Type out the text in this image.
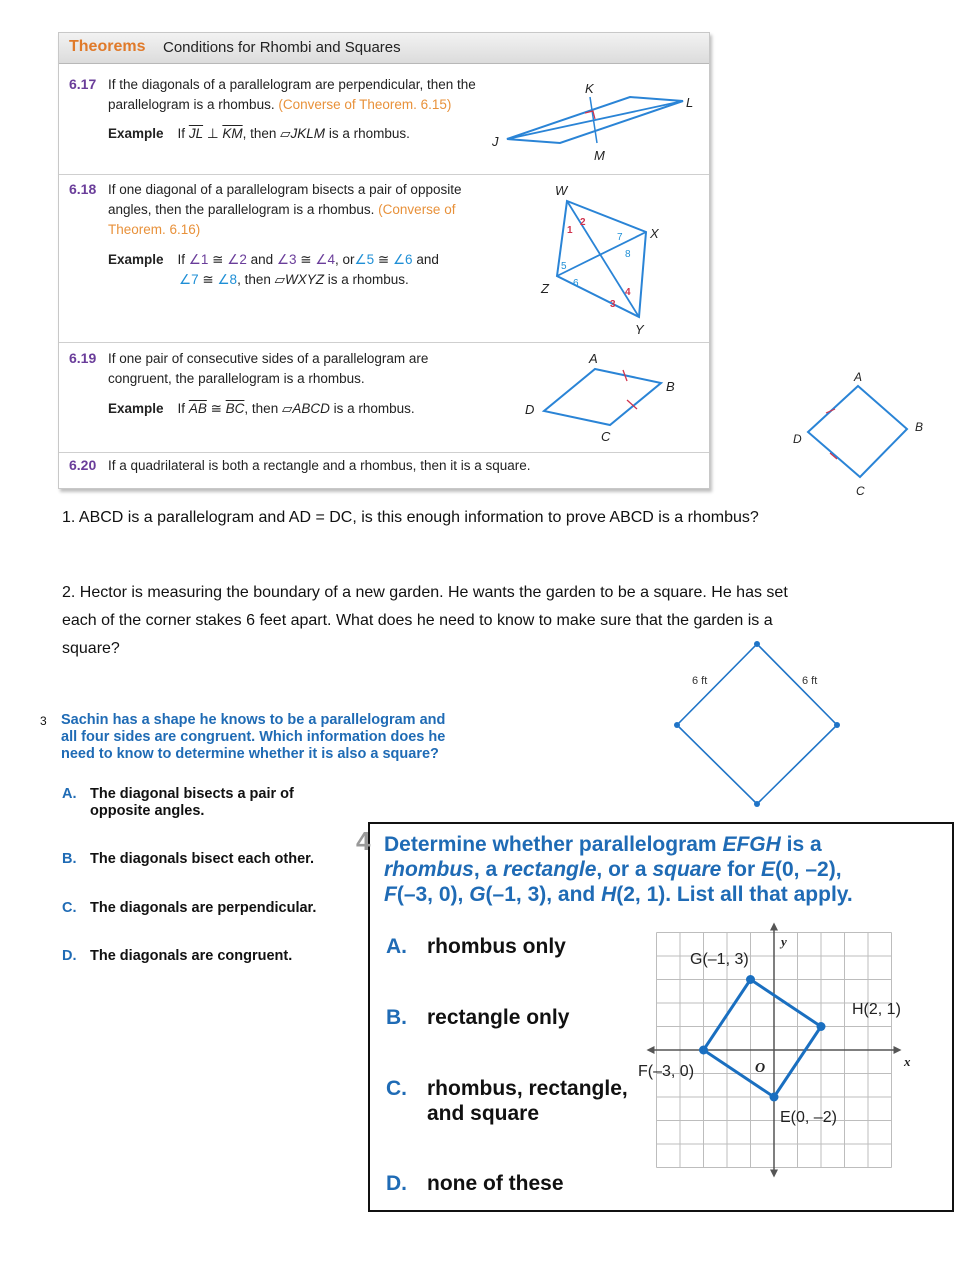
Theorems Conditions for Rhombi and Squares
6.17 If the diagonals of a parallelogram are perpendicular, then the
parallelogram is a rhombus. (Converse of Theorem. 6.15)
Example If $\overline{JL}$ ⊥ $\overline{KM}$, then ▱JKLM is a rhombus.
6.18 If one diagonal of a parallelogram bisects a pair of opposite
angles, then the parallelogram is a rhombus. (Converse of
Theorem. 6.16)
Example If ∠1 ≅ ∠2 and ∠3 ≅ ∠4, or∠5 ≅ ∠6 and
∠7 ≅ ∠8, then ▱WXYZ is a rhombus.
6.19 If one pair of consecutive sides of a parallelogram are
congruent, the parallelogram is a rhombus.
Example If $\overline{AB}$ ≅ $\overline{BC}$, then ▱ABCD is a rhombus.
6.20 If a quadrilateral is both a rectangle and a rhombus, then it is a square.
J
K
L
M
W
X
Y
Z
1
2
3
4
5
6
7
8
A
B
C
D
A
B
C
D
1. ABCD is a parallelogram and AD = DC, is this enough information to prove ABCD is a rhombus?
2. Hector is measuring the boundary of a new garden. He wants the garden to be a square. He has set
each of the corner stakes 6 feet apart. What does he need to know to make sure that the garden is a
square?
6 ft	6 ft
3 Sachin has a shape he knows to be a parallelogram and all four sides are congruent. Which information does he need to know to determine whether it is also a square?
A. The diagonal bisects a pair of opposite angles.
B. The diagonals bisect each other.
C. The diagonals are perpendicular.
D. The diagonals are congruent.
4 Determine whether parallelogram EFGH is a
rhombus, a rectangle, or a square for E(0, –2),
F(–3, 0), G(–1, 3), and H(2, 1). List all that apply.
A. rhombus only
B. rectangle only
C. rhombus, rectangle,
and square
D. none of these
G(–1, 3)
H(2, 1)
F(–3, 0)
E(0, –2)
y
x
O
